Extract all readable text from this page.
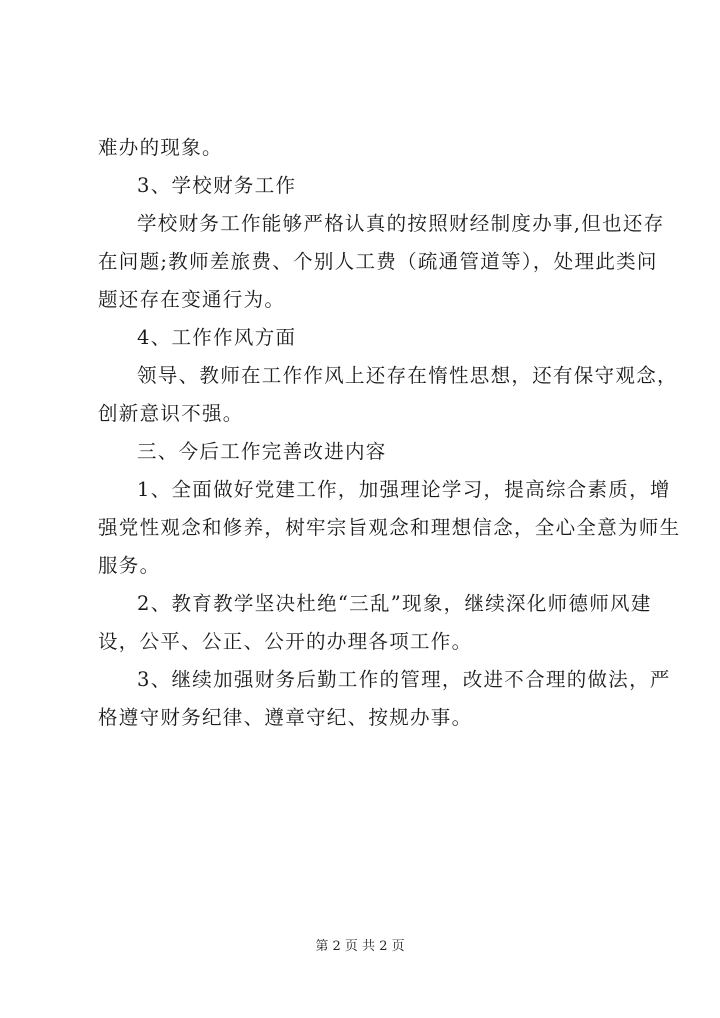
难办的现象。
3、学校财务工作
学校财务工作能够严格认真的按照财经制度办事,但也还存
在问题;教师差旅费、个别人工费（疏通管道等），处理此类问
题还存在变通行为。
4、工作作风方面
领导、教师在工作作风上还存在惰性思想，还有保守观念，
创新意识不强。
三、今后工作完善改进内容
1、全面做好党建工作，加强理论学习，提高综合素质，增
强党性观念和修养，树牢宗旨观念和理想信念，全心全意为师生
服务。
2、教育教学坚决杜绝“三乱”现象，继续深化师德师风建
设，公平、公正、公开的办理各项工作。
3、继续加强财务后勤工作的管理，改进不合理的做法，严
格遵守财务纪律、遵章守纪、按规办事。
第 2 页 共 2 页
